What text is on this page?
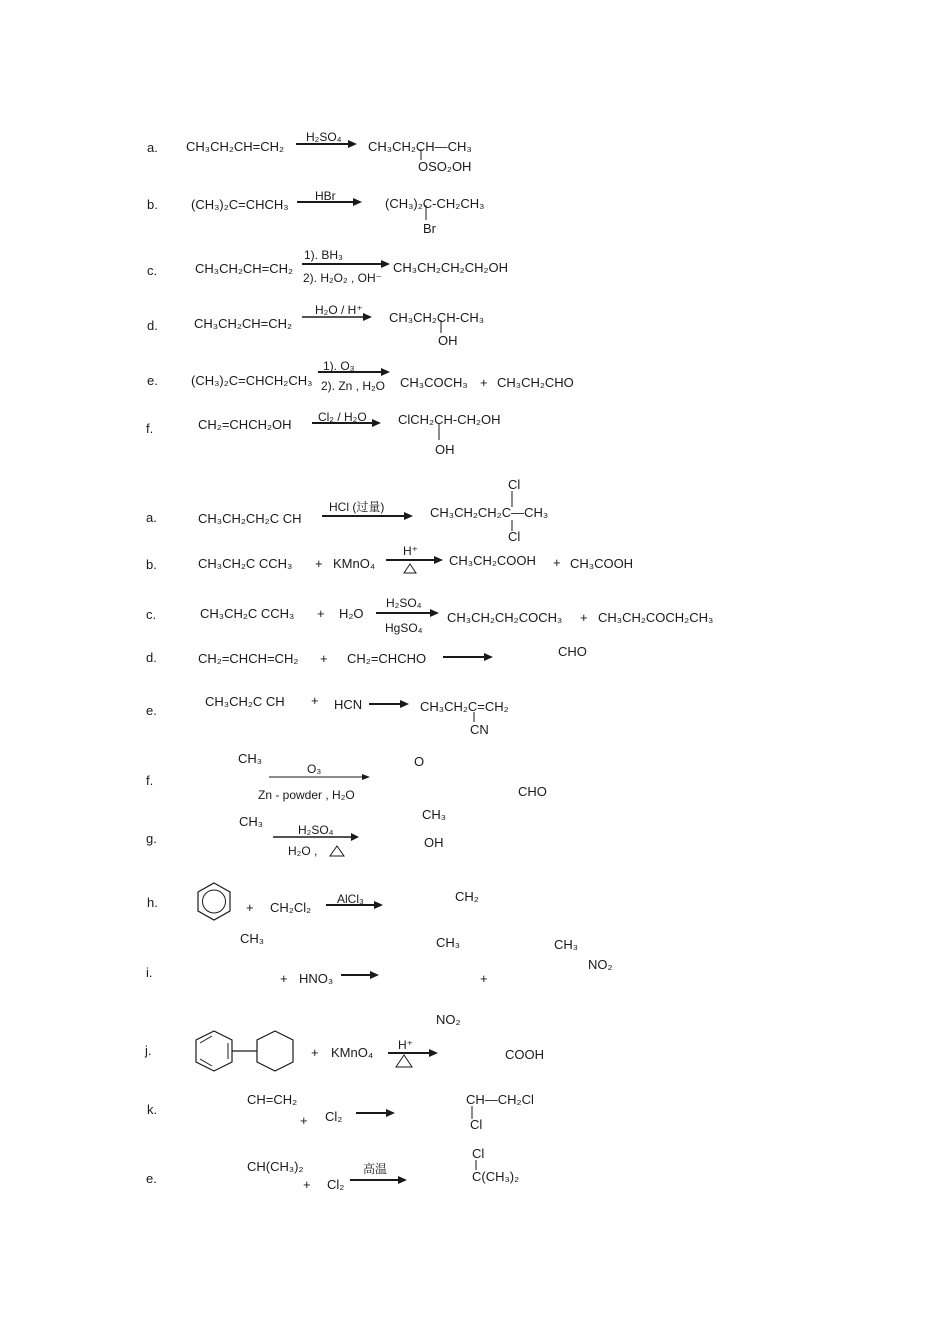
a. CH₃CH₂CH=CH₂
H₂SO₄
CH₃CH₂CH—CH₃
OSO₂OH
b.	(CH₃)₂C=CHCH₃
HBr	(CH₃)₂C-CH₂CH₃
Br
c.	CH₃CH₂CH=CH₂
1). BH₃
2). H₂O₂ , OH⁻
CH₃CH₂CH₂CH₂OH
d.	CH₃CH₂CH=CH₂
H₂O / H⁺ CH₃CH₂CH-CH₃
OH
e.	(CH₃)₂C=CHCH₂CH₃
1). O₃
2). Zn , H₂O CH₃COCH₃ + CH₃CH₂CHO
f.	CH₂=CHCH₂OH Cl₂ / H₂O ClCH₂CH-CH₂OH
OH
a.	CH₃CH₂CH₂C CH
HCl (过量)
Cl
CH₃CH₂CH₂C—CH₃
Cl
b.	CH₃CH₂C CCH₃ + KMnO₄
H⁺
CH₃CH₂COOH + CH₃COOH
c.	CH₃CH₂C CCH₃ + H₂O
H₂SO₄
HgSO₄
CH₃CH₂CH₂COCH₃ + CH₃CH₂COCH₂CH₃
d.	CH₂=CHCH=CH₂ + CH₂=CHCHO	CHO
e.
CH₃CH₂C CH + HCN	CH₃CH₂C=CH₂
CN
f.
CH₃
O₃
Zn - powder , H₂O
O
CHO
g.
CH₃
H₂SO₄
H₂O ,
CH₃
OH
h.	+ CH₂Cl₂
AlCl₃	CH₂
i.
CH₃
+ HNO₃
CH₃
+
CH₃
NO₂
NO₂
j.	+ KMnO₄ H⁺
COOH
k.
CH=CH₂
+ Cl₂
CH—CH₂Cl
Cl
e.
CH(CH₃)₂
+ Cl₂
高温
Cl
C(CH₃)₂
